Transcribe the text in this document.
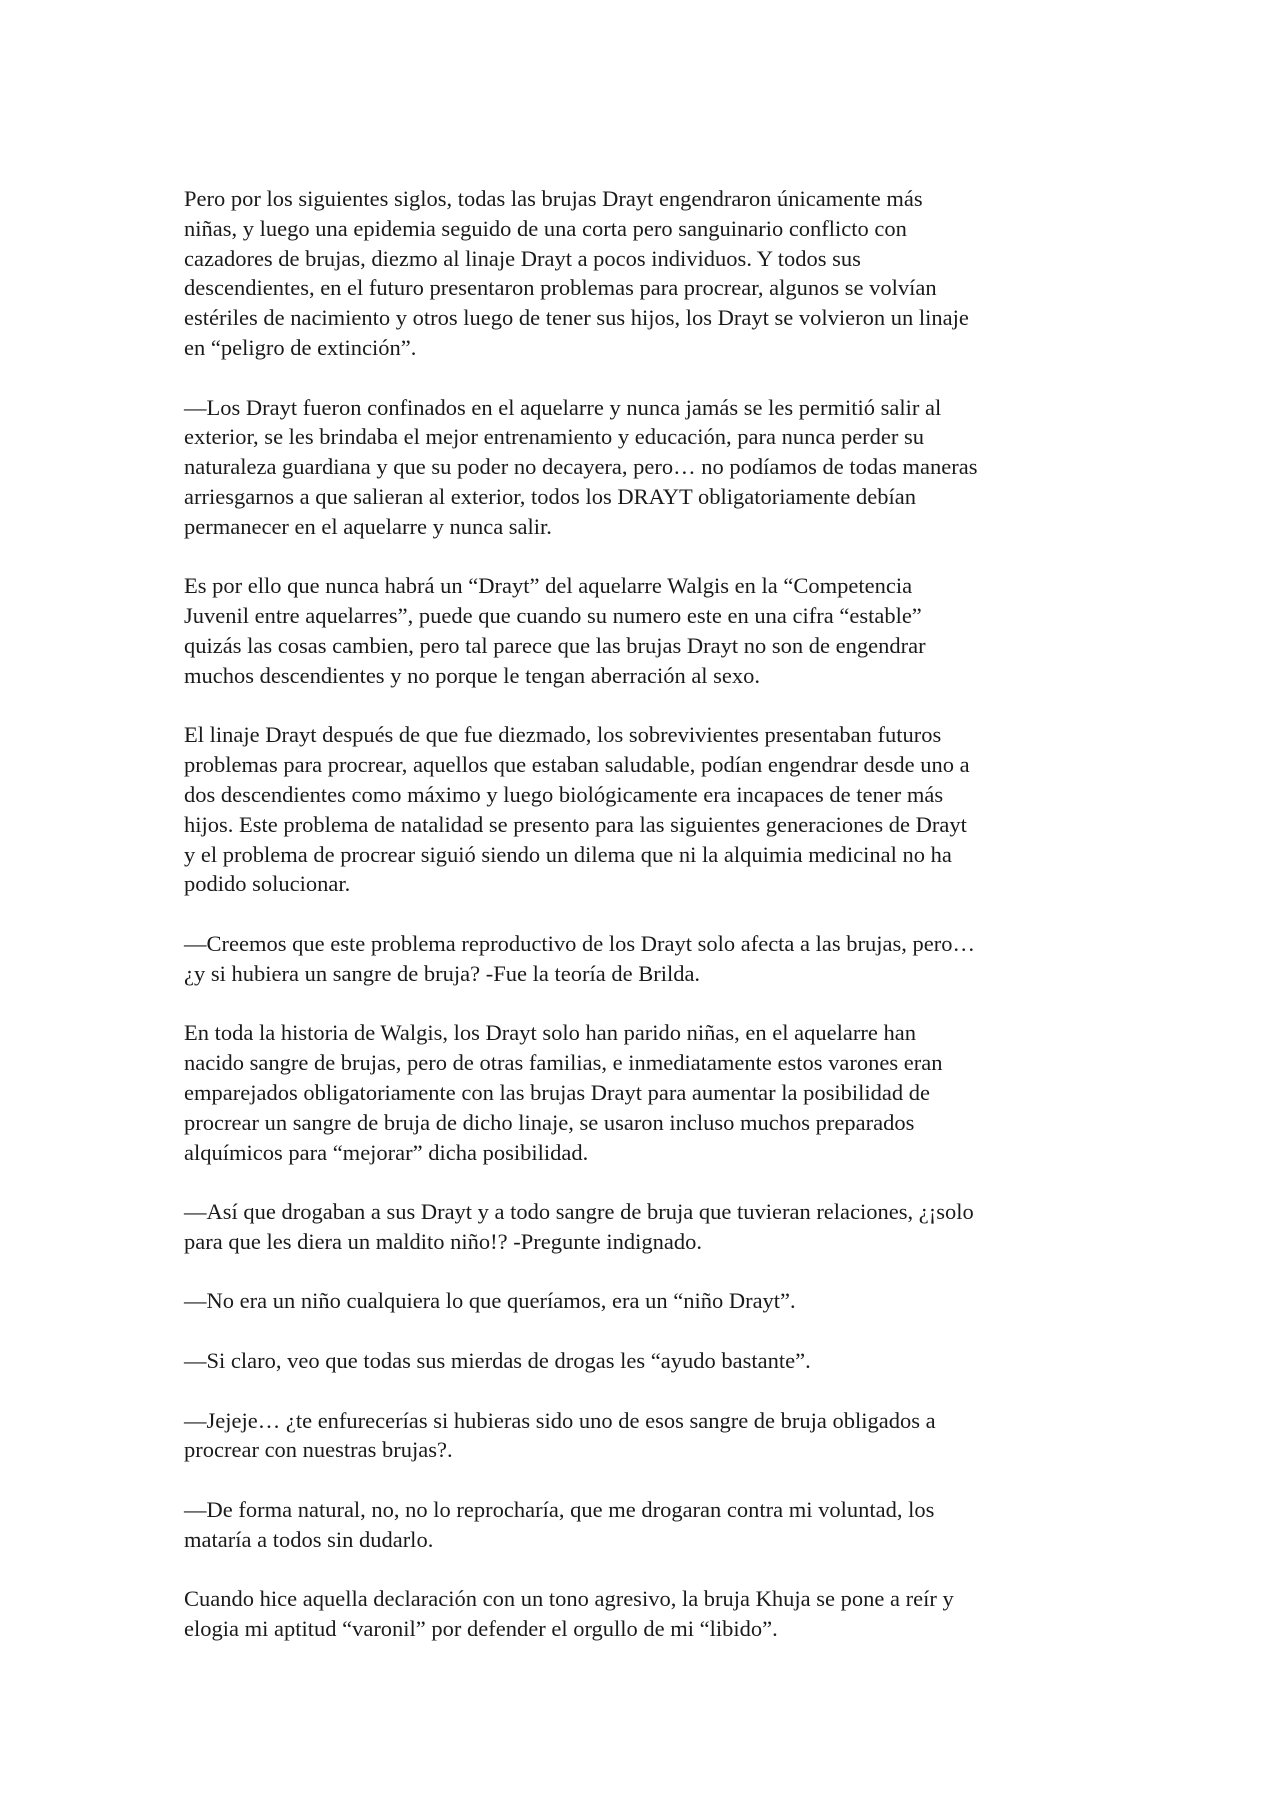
Pero por los siguientes siglos, todas las brujas Drayt engendraron únicamente más
niñas, y luego una epidemia seguido de una corta pero sanguinario conflicto con
cazadores de brujas, diezmo al linaje Drayt a pocos individuos. Y todos sus
descendientes, en el futuro presentaron problemas para procrear, algunos se volvían
estériles de nacimiento y otros luego de tener sus hijos, los Drayt se volvieron un linaje
en “peligro de extinción”.

—Los Drayt fueron confinados en el aquelarre y nunca jamás se les permitió salir al
exterior, se les brindaba el mejor entrenamiento y educación, para nunca perder su
naturaleza guardiana y que su poder no decayera, pero… no podíamos de todas maneras
arriesgarnos a que salieran al exterior, todos los DRAYT obligatoriamente debían
permanecer en el aquelarre y nunca salir.

Es por ello que nunca habrá un “Drayt” del aquelarre Walgis en la “Competencia
Juvenil entre aquelarres”, puede que cuando su numero este en una cifra “estable”
quizás las cosas cambien, pero tal parece que las brujas Drayt no son de engendrar
muchos descendientes y no porque le tengan aberración al sexo.

El linaje Drayt después de que fue diezmado, los sobrevivientes presentaban futuros
problemas para procrear, aquellos que estaban saludable, podían engendrar desde uno a
dos descendientes como máximo y luego biológicamente era incapaces de tener más
hijos. Este problema de natalidad se presento para las siguientes generaciones de Drayt
y el problema de procrear siguió siendo un dilema que ni la alquimia medicinal no ha
podido solucionar.

—Creemos que este problema reproductivo de los Drayt solo afecta a las brujas, pero…
¿y si hubiera un sangre de bruja? -Fue la teoría de Brilda.

En toda la historia de Walgis, los Drayt solo han parido niñas, en el aquelarre han
nacido sangre de brujas, pero de otras familias, e inmediatamente estos varones eran
emparejados obligatoriamente con las brujas Drayt para aumentar la posibilidad de
procrear un sangre de bruja de dicho linaje, se usaron incluso muchos preparados
alquímicos para “mejorar” dicha posibilidad.

—Así que drogaban a sus Drayt y a todo sangre de bruja que tuvieran relaciones, ¿¡solo
para que les diera un maldito niño!? -Pregunte indignado.

—No era un niño cualquiera lo que queríamos, era un “niño Drayt”.

—Si claro, veo que todas sus mierdas de drogas les “ayudo bastante”.

—Jejeje… ¿te enfurecerías si hubieras sido uno de esos sangre de bruja obligados a
procrear con nuestras brujas?.

—De forma natural, no, no lo reprocharía, que me drogaran contra mi voluntad, los
mataría a todos sin dudarlo.

Cuando hice aquella declaración con un tono agresivo, la bruja Khuja se pone a reír y
elogia mi aptitud “varonil” por defender el orgullo de mi “libido”.
